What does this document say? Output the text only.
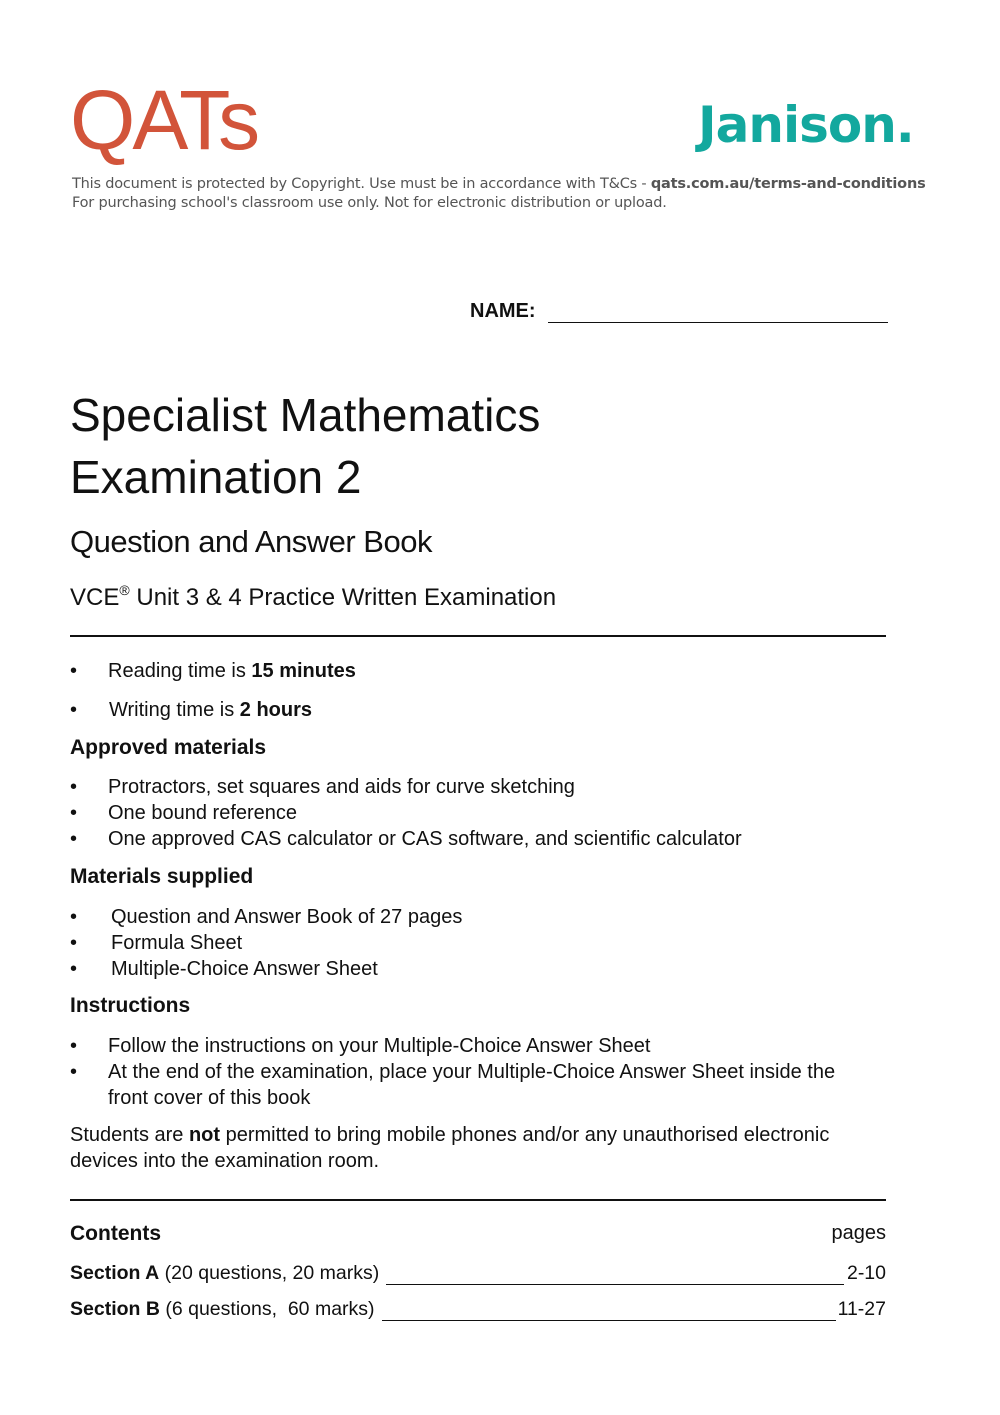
QATs	Janison.
This document is protected by Copyright. Use must be in accordance with T&Cs - qats.com.au/terms-and-conditions
For purchasing school's classroom use only. Not for electronic distribution or upload.
NAME:
Specialist Mathematics
Examination 2
Question and Answer Book
VCE® Unit 3 & 4 Practice Written Examination
• Reading time is 15 minutes
• Writing time is 2 hours
Approved materials
• Protractors, set squares and aids for curve sketching
• One bound reference
• One approved CAS calculator or CAS software, and scientific calculator
Materials supplied
• Question and Answer Book of 27 pages
• Formula Sheet
• Multiple-Choice Answer Sheet
Instructions
• Follow the instructions on your Multiple-Choice Answer Sheet
• At the end of the examination, place your Multiple-Choice Answer Sheet inside the
front cover of this book
Students are not permitted to bring mobile phones and/or any unauthorised electronic
devices into the examination room.
Contents	pages
Section A (20 questions, 20 marks)	2-10
Section B (6 questions,  60 marks)	11-27
